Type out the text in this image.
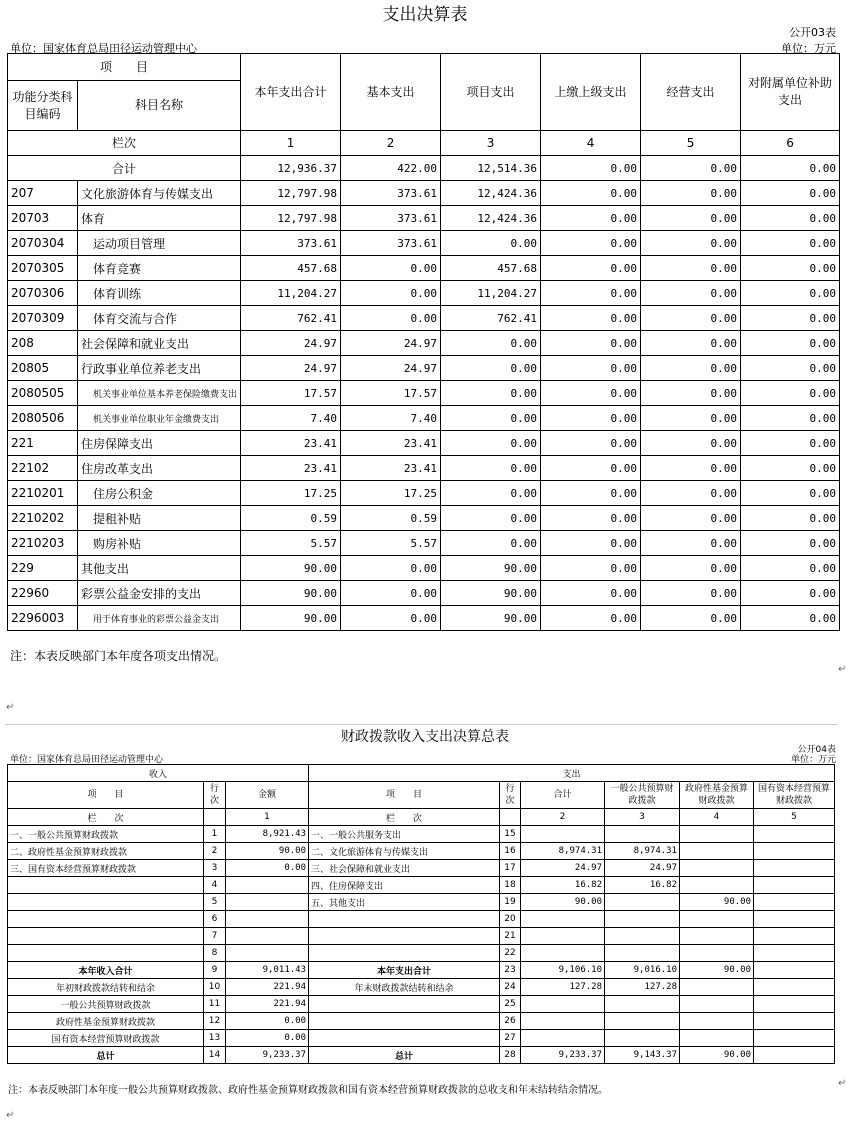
支出决算表
公开03表
单位：国家体育总局田径运动管理中心	单位：万元
项　　目		本年支出合计	基本支出	项目支出	上缴上级支出	经营支出	对附属单位补助支出
功能分类科目编码	科目名称						
栏次		1	2	3	4	5	6
合计		12,936.37	422.00	12,514.36	0.00	0.00	0.00
207	文化旅游体育与传媒支出	12,797.98	373.61	12,424.36	0.00	0.00	0.00
20703	体育	12,797.98	373.61	12,424.36	0.00	0.00	0.00
2070304	运动项目管理	373.61	373.61	0.00	0.00	0.00	0.00
2070305	体育竞赛	457.68	0.00	457.68	0.00	0.00	0.00
2070306	体育训练	11,204.27	0.00	11,204.27	0.00	0.00	0.00
2070309	体育交流与合作	762.41	0.00	762.41	0.00	0.00	0.00
208	社会保障和就业支出	24.97	24.97	0.00	0.00	0.00	0.00
20805	行政事业单位养老支出	24.97	24.97	0.00	0.00	0.00	0.00
2080505	机关事业单位基本养老保险缴费支出	17.57	17.57	0.00	0.00	0.00	0.00
2080506	机关事业单位职业年金缴费支出	7.40	7.40	0.00	0.00	0.00	0.00
221	住房保障支出	23.41	23.41	0.00	0.00	0.00	0.00
22102	住房改革支出	23.41	23.41	0.00	0.00	0.00	0.00
2210201	住房公积金	17.25	17.25	0.00	0.00	0.00	0.00
2210202	提租补贴	0.59	0.59	0.00	0.00	0.00	0.00
2210203	购房补贴	5.57	5.57	0.00	0.00	0.00	0.00
229	其他支出	90.00	0.00	90.00	0.00	0.00	0.00
22960	彩票公益金安排的支出	90.00	0.00	90.00	0.00	0.00	0.00
2296003	用于体育事业的彩票公益金支出	90.00	0.00	90.00	0.00	0.00	0.00
注：本表反映部门本年度各项支出情况。
↵
↵
财政拨款收入支出决算总表
公开04表
单位：国家体育总局田径运动管理中心	单位：万元
收入			支出					
项　　目	行次	金额	项　　目	行次	合计	一般公共预算财政拨款	政府性基金预算财政拨款	国有资本经营预算财政拨款
栏　　次		1	栏　　次		2	3	4	5
一、一般公共预算财政拨款	1	8,921.43	一、一般公共服务支出	15				
二、政府性基金预算财政拨款	2	90.00	二、文化旅游体育与传媒支出	16	8,974.31	8,974.31		
三、国有资本经营预算财政拨款	3	0.00	三、社会保障和就业支出	17	24.97	24.97		
	4		四、住房保障支出	18	16.82	16.82		
	5		五、其他支出	19	90.00		90.00	
	6			20				
	7			21				
	8			22				
本年收入合计	9	9,011.43	本年支出合计	23	9,106.10	9,016.10	90.00	
年初财政拨款结转和结余	10	221.94	年末财政拨款结转和结余	24	127.28	127.28		
一般公共预算财政拨款	11	221.94		25				
政府性基金预算财政拨款	12	0.00		26				
国有资本经营预算财政拨款	13	0.00		27				
总计	14	9,233.37	总计	28	9,233.37	9,143.37	90.00	
注：本表反映部门本年度一般公共预算财政拨款、政府性基金预算财政拨款和国有资本经营预算财政拨款的总收支和年末结转结余情况。
↵
↵
